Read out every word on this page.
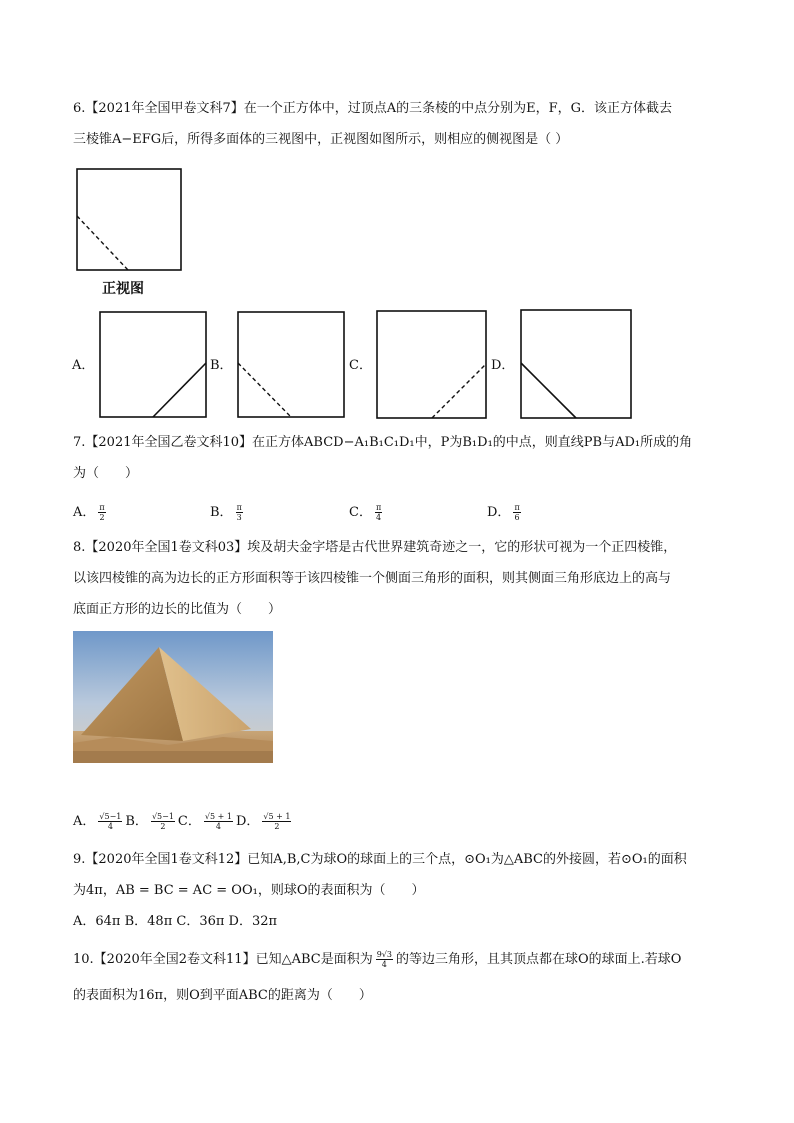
6.【2021年全国甲卷文科7】在一个正方体中，过顶点A的三条棱的中点分别为E，F，G．该正方体截去
三棱锥A−EFG后，所得多面体的三视图中，正视图如图所示，则相应的侧视图是（ ）
正视图
A．	B．	C．	D．
7.【2021年全国乙卷文科10】在正方体ABCD−A₁B₁C₁D₁中，P为B₁D₁的中点，则直线PB与AD₁所成的角
为（　　）
A． $\frac{\pi}{2}$	B． $\frac{\pi}{3}$	C． $\frac{\pi}{4}$	D． $\frac{\pi}{6}$
8.【2020年全国1卷文科03】埃及胡夫金字塔是古代世界建筑奇迹之一，它的形状可视为一个正四棱锥，
以该四棱锥的高为边长的正方形面积等于该四棱锥一个侧面三角形的面积，则其侧面三角形底边上的高与
底面正方形的边长的比值为（　　）
A． $\frac{√5-1}{4}$ B． $\frac{√5-1}{2}$ C． $\frac{√5 + 1}{4}$ D． $\frac{√5 + 1}{2}$
9.【2020年全国1卷文科12】已知A,B,C为球O的球面上的三个点，⊙O₁为△ABC的外接圆，若⊙O₁的面积
为4π，AB = BC = AC = OO₁，则球O的表面积为（　　）
A．64π B．48π C．36π D．32π
10.【2020年全国2卷文科11】已知△ABC是面积为 $\frac{9√3}{4}$ 的等边三角形，且其顶点都在球O的球面上.若球O
的表面积为16π，则O到平面ABC的距离为（　　）
